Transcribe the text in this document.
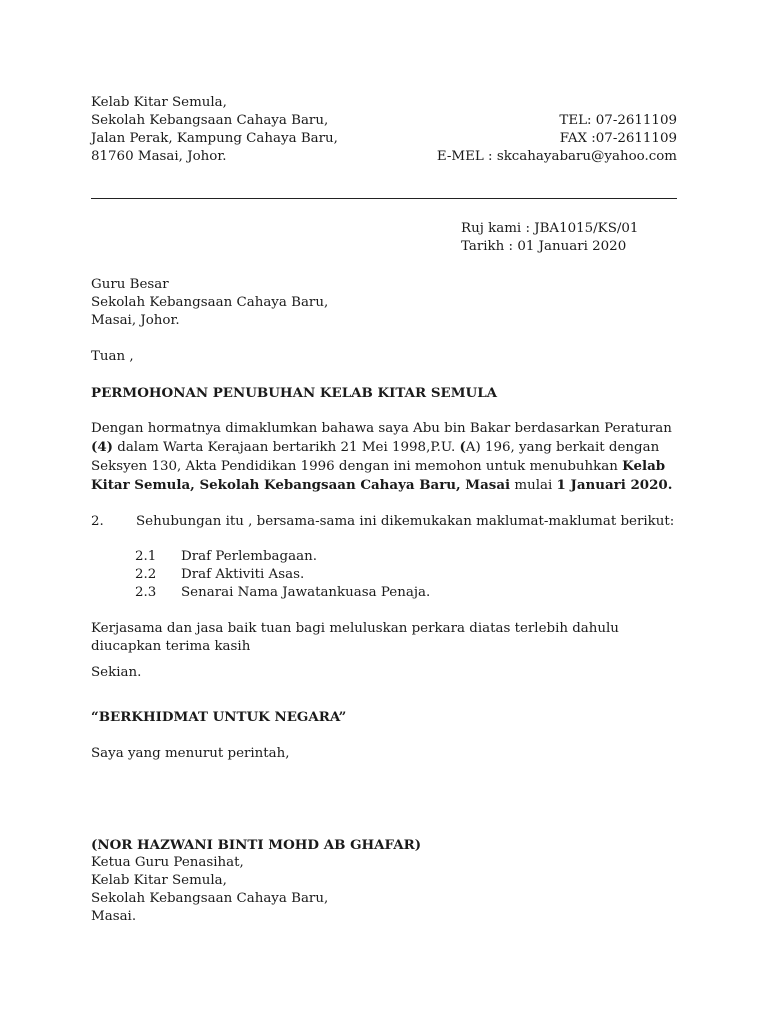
Kelab Kitar Semula,
Sekolah Kebangsaan Cahaya Baru,
Jalan Perak, Kampung Cahaya Baru,
81760 Masai, Johor.
TEL: 07-2611109
FAX :07-2611109
E-MEL : skcahayabaru@yahoo.com
Ruj kami : JBA1015/KS/01
Tarikh : 01 Januari 2020
Guru Besar
Sekolah Kebangsaan Cahaya Baru,
Masai, Johor.
Tuan ,
PERMOHONAN PENUBUHAN KELAB KITAR SEMULA
Dengan hormatnya dimaklumkan bahawa saya Abu bin Bakar berdasarkan Peraturan (4) dalam Warta Kerajaan bertarikh 21 Mei 1998,P.U. (A) 196, yang berkait dengan Seksyen 130, Akta Pendidikan 1996 dengan ini memohon untuk menubuhkan Kelab Kitar Semula, Sekolah Kebangsaan Cahaya Baru, Masai mulai 1 Januari 2020.
2. Sehubungan itu , bersama-sama ini dikemukakan maklumat-maklumat berikut:
2.1 Draf Perlembagaan.
2.2 Draf Aktiviti Asas.
2.3 Senarai Nama Jawatankuasa Penaja.
Kerjasama dan jasa baik tuan bagi meluluskan perkara diatas terlebih dahulu diucapkan terima kasih
Sekian.
“BERKHIDMAT UNTUK NEGARA”
Saya yang menurut perintah,
(NOR HAZWANI BINTI MOHD AB GHAFAR)
Ketua Guru Penasihat,
Kelab Kitar Semula,
Sekolah Kebangsaan Cahaya Baru,
Masai.
